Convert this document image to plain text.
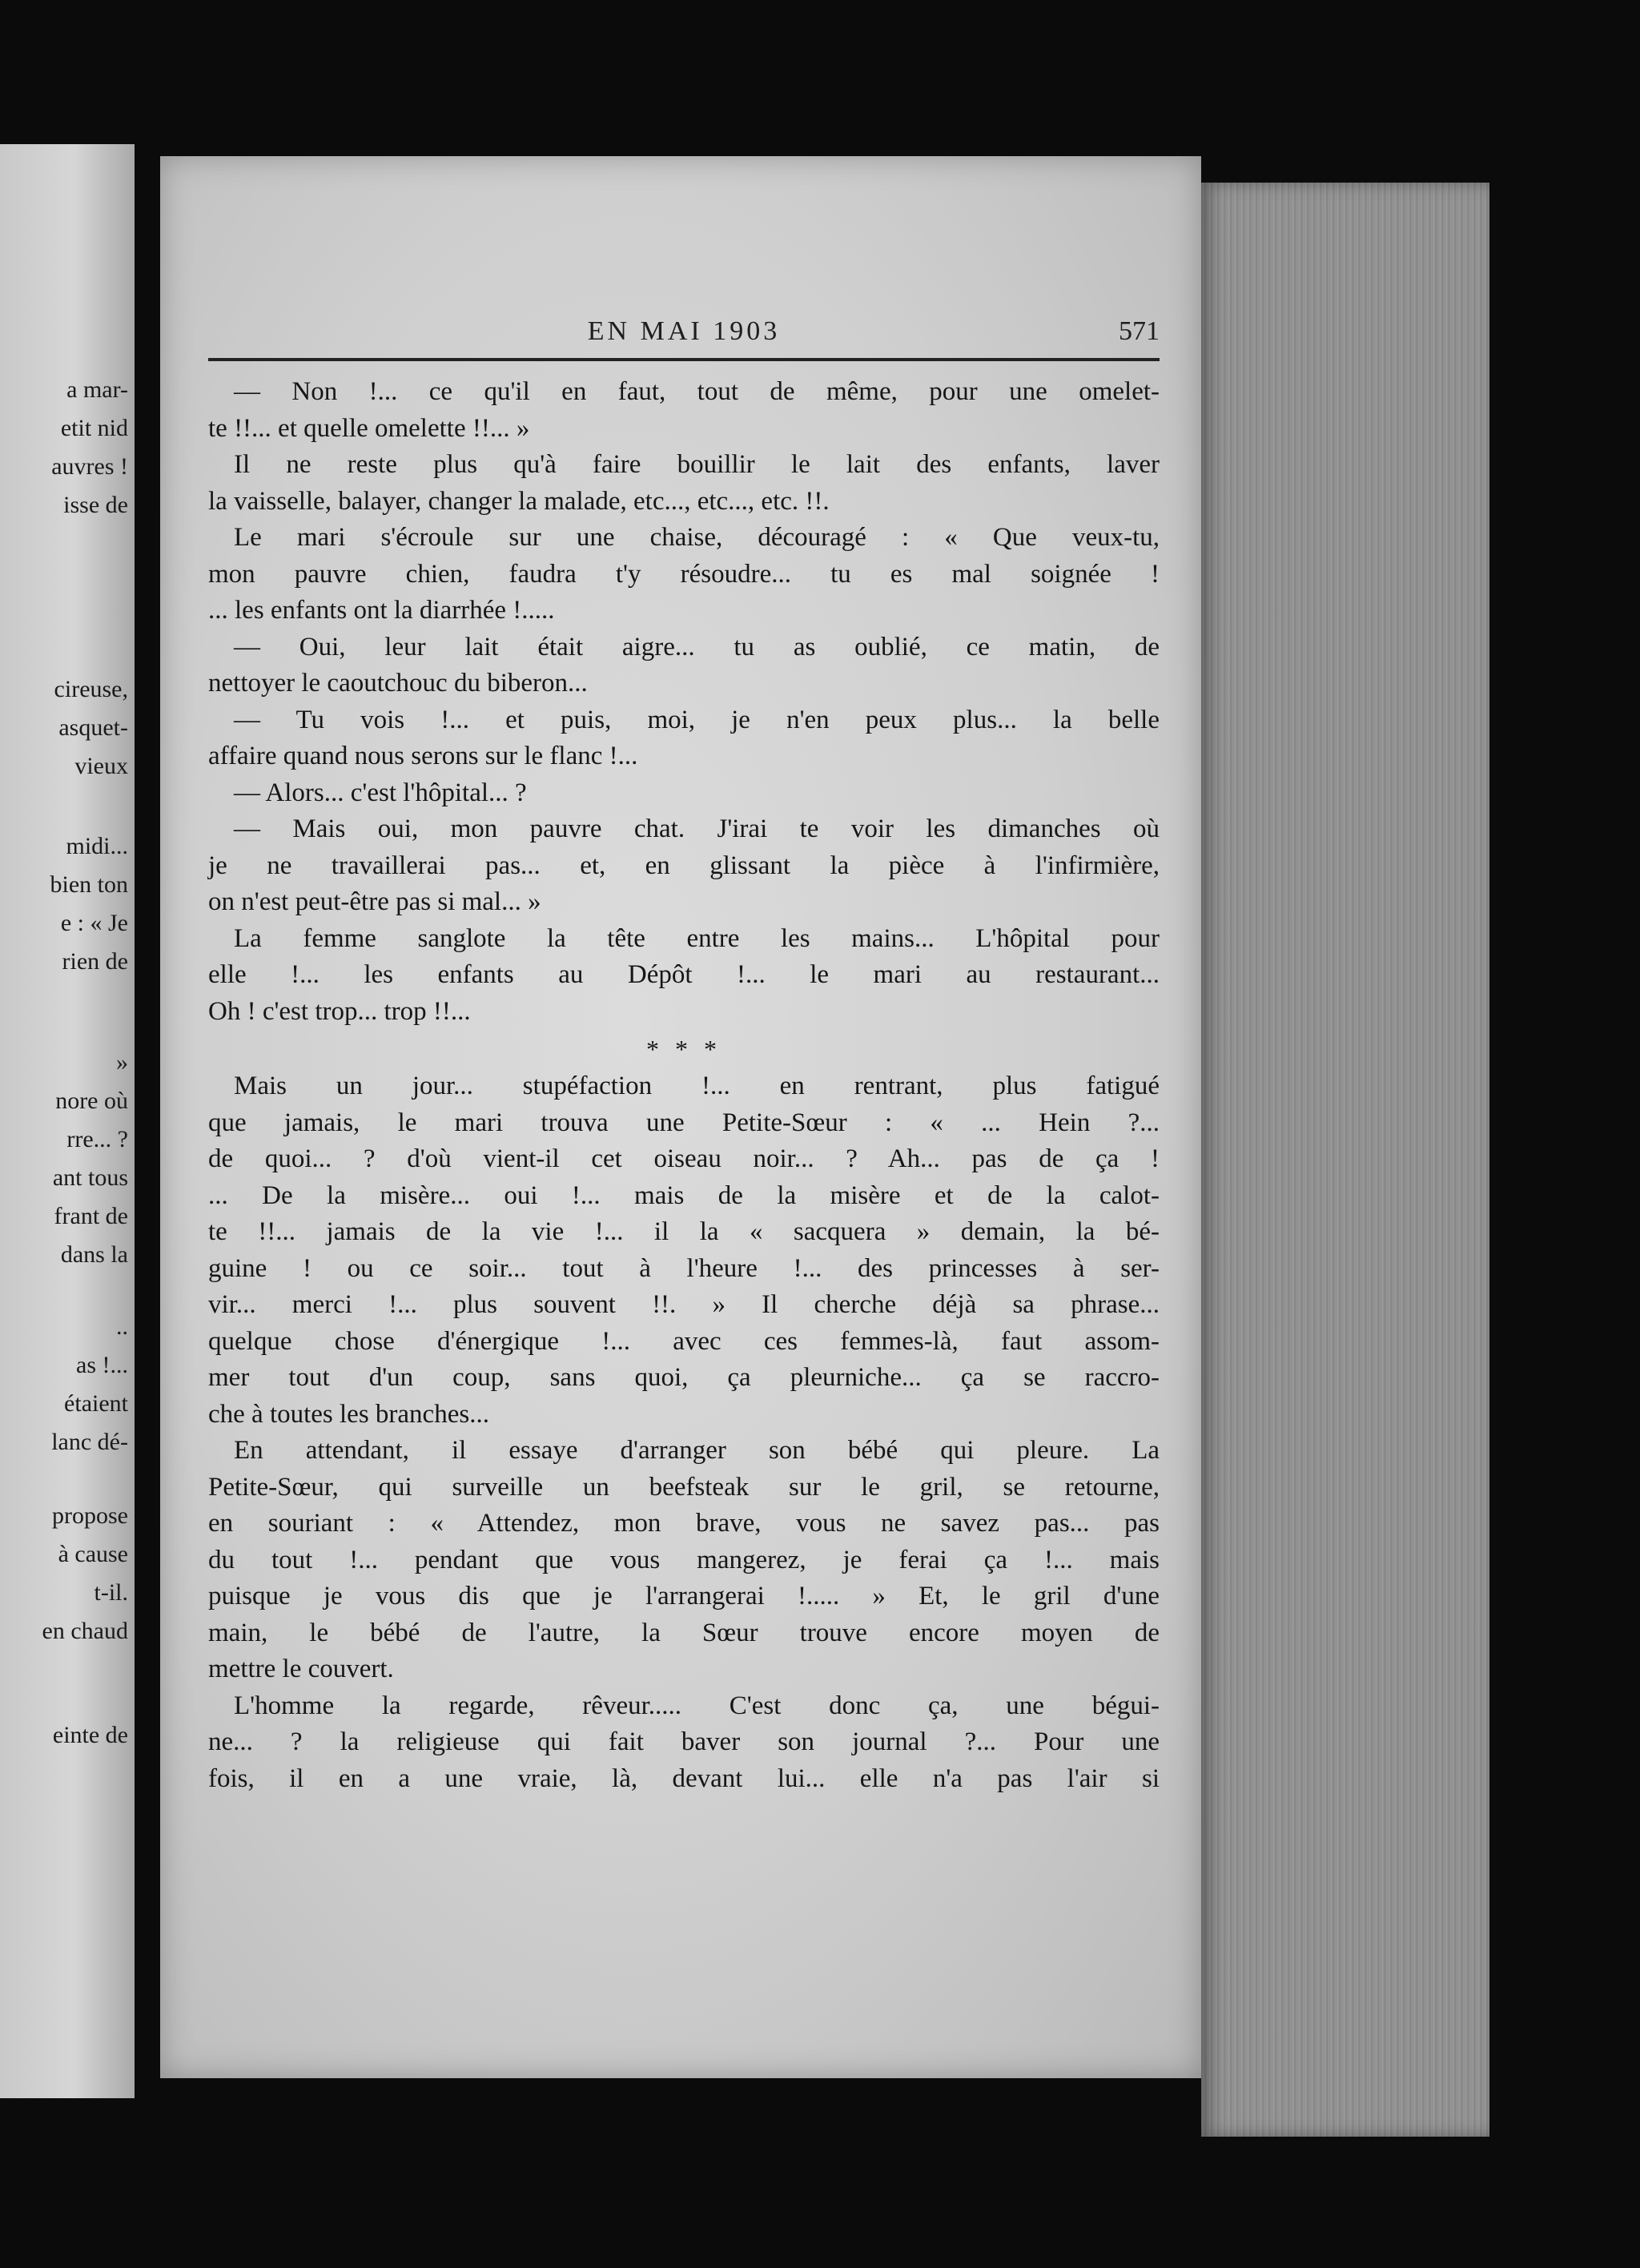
a mar-
etit nid
auvres !
isse de
cireuse,
asquet-
vieux
midi...
bien ton
e : « Je
rien de
»
nore où
rre... ?
ant tous
frant de
dans la
..
as !...
étaient
lanc dé-
propose
à cause
t-il.
en chaud
einte de
EN MAI 1903	571
— Non !... ce qu'il en faut, tout de même, pour une omelet-
te !!... et quelle omelette !!... »
Il ne reste plus qu'à faire bouillir le lait des enfants, laver
la vaisselle, balayer, changer la malade, etc..., etc..., etc. !!.
Le mari s'écroule sur une chaise, découragé : « Que veux-tu,
mon pauvre chien, faudra t'y résoudre... tu es mal soignée !
... les enfants ont la diarrhée !.....
— Oui, leur lait était aigre... tu as oublié, ce matin, de
nettoyer le caoutchouc du biberon...
— Tu vois !... et puis, moi, je n'en peux plus... la belle
affaire quand nous serons sur le flanc !...
— Alors... c'est l'hôpital... ?
— Mais oui, mon pauvre chat. J'irai te voir les dimanches où
je ne travaillerai pas... et, en glissant la pièce à l'infirmière,
on n'est peut-être pas si mal... »
La femme sanglote la tête entre les mains... L'hôpital pour
elle !... les enfants au Dépôt !... le mari au restaurant...
Oh ! c'est trop... trop !!...
* * *
Mais un jour... stupéfaction !... en rentrant, plus fatigué
que jamais, le mari trouva une Petite-Sœur : « ... Hein ?...
de quoi... ? d'où vient-il cet oiseau noir... ? Ah... pas de ça !
... De la misère... oui !... mais de la misère et de la calot-
te !!... jamais de la vie !... il la « sacquera » demain, la bé-
guine ! ou ce soir... tout à l'heure !... des princesses à ser-
vir... merci !... plus souvent !!. » Il cherche déjà sa phrase...
quelque chose d'énergique !... avec ces femmes-là, faut assom-
mer tout d'un coup, sans quoi, ça pleurniche... ça se raccro-
che à toutes les branches...
En attendant, il essaye d'arranger son bébé qui pleure. La
Petite-Sœur, qui surveille un beefsteak sur le gril, se retourne,
en souriant : « Attendez, mon brave, vous ne savez pas... pas
du tout !... pendant que vous mangerez, je ferai ça !... mais
puisque je vous dis que je l'arrangerai !..... » Et, le gril d'une
main, le bébé de l'autre, la Sœur trouve encore moyen de
mettre le couvert.
L'homme la regarde, rêveur..... C'est donc ça, une bégui-
ne... ? la religieuse qui fait baver son journal ?... Pour une
fois, il en a une vraie, là, devant lui... elle n'a pas l'air si
